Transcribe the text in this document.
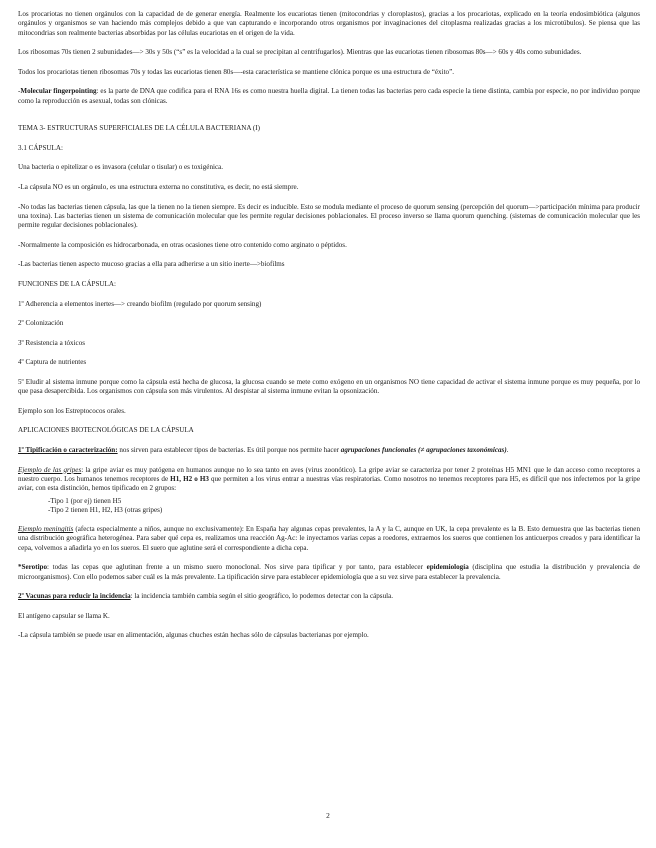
Los procariotas no tienen orgánulos con la capacidad de de generar energía. Realmente los eucariotas tienen (mitocondrias y cloroplastos), gracias a los procariotas, explicado en la teoría endosimbiótica (algunos orgánulos y organismos se van haciendo más complejos debido a que van capturando e incorporando otros organismos por invaginaciones del citoplasma realizadas gracias a los microtúbulos). Se piensa que las mitocondrias son realmente bacterias absorbidas por las células eucariotas en el origen de la vida.

Los ribosomas 70s tienen 2 subunidades—> 30s y 50s (“s” es la velocidad a la cual se precipitan al centrifugarlos). Mientras que las eucariotas tienen ribosomas 80s—> 60s y 40s como subunidades.

Todos los procariotas tienen ribosomas 70s y todas las eucariotas tienen 80s—-esta característica se mantiene clónica porque es una estructura de “éxito”.

-Molecular fingerpointing: es la parte de DNA que codifica para el RNA 16s es como nuestra huella digital. La tienen todas las bacterias pero cada especie la tiene distinta, cambia por especie, no por individuo porque como la reproducción es asexual, todas son clónicas.

TEMA 3- ESTRUCTURAS SUPERFICIALES DE LA CÉLULA BACTERIANA (I)

3.1 CÁPSULA:

Una bacteria o epitelizar o es invasora (celular o tisular) o es toxigénica.

-La cápsula NO es un orgánulo, es una estructura externa no constitutiva, es decir, no está siempre.

-No todas las bacterias tienen cápsula, las que la tienen no la tienen siempre. Es decir es inducible. Esto se modula mediante el proceso de quorum sensing (percepción del quorum—>participación mínima para producir una toxina). Las bacterias tienen un sistema de comunicación molecular que les permite regular decisiones poblacionales. El proceso inverso se llama quorum quenching. (sistemas de comunicación molecular que les permite regular decisiones poblacionales).

-Normalmente la composición es hidrocarbonada, en otras ocasiones tiene otro contenido como arginato o péptidos.

-Las bacterias tienen aspecto mucoso gracias a ella para adherirse a un sitio inerte—>biofilms

FUNCIONES DE LA CÁPSULA:

1º Adherencia a elementos inertes—> creando biofilm (regulado por quorum sensing)

2º Colonización

3º Resistencia a tóxicos

4º Captura de nutrientes

5º Eludir al sistema inmune porque como la cápsula está hecha de glucosa, la glucosa cuando se mete como exógeno en un organismos NO tiene capacidad de activar el sistema inmune porque es muy pequeña, por lo que pasa desapercibida. Los organismos con cápsula son más virulentos. Al despistar al sistema inmune evitan la opsonización.

Ejemplo son los Estreptococos orales.

APLICACIONES BIOTECNOLÓGICAS DE LA CÁPSULA

1º Tipificación o caracterización: nos sirven para establecer tipos de bacterias. Es útil porque nos permite hacer agrupaciones funcionales (≠ agrupaciones taxonómicas).

Ejemplo de las gripes: la gripe aviar es muy patógena en humanos aunque no lo sea tanto en aves (virus zoonótico). La gripe aviar se caracteriza por tener 2 proteínas H5 MN1 que le dan acceso como receptores a nuestro cuerpo. Los humanos tenemos receptores de H1, H2 o H3 que permiten a los virus entrar a nuestras vías respiratorias. Como nosotros no tenemos receptores para H5, es difícil que nos infectemos por la gripe aviar, con esta distinción, hemos tipificado en 2 grupos:

- Tipo 1 (por ej) tienen H5
- Tipo 2 tienen H1, H2, H3 (otras gripes)

Ejemplo meningitis (afecta especialmente a niños, aunque no exclusivamente): En España hay algunas cepas prevalentes, la A y la C, aunque en UK, la cepa prevalente es la B. Esto demuestra que las bacterias tienen una distribución geográfica heterogénea. Para saber qué cepa es, realizamos una reacción Ag-Ac: le inyectamos varias cepas a roedores, extraemos los sueros que contienen los anticuerpos creados y para identificar la cepa, volvemos a añadirla yo en los sueros. El suero que aglutine será el correspondiente a dicha cepa.

*Serotipo: todas las cepas que aglutinan frente a un mismo suero monoclonal. Nos sirve para tipificar y por tanto, para establecer epidemiología (disciplina que estudia la distribución y prevalencia de microorganismos). Con ello podemos saber cuál es la más prevalente. La tipificación sirve para establecer epidemiología que a su vez sirve para establecer la prevalencia.

2º Vacunas para reducir la incidencia: la incidencia también cambia según el sitio geográfico, lo podemos detectar con la cápsula.

El antígeno capsular se llama K.

-La cápsula también se puede usar en alimentación, algunas chuches están hechas sólo de cápsulas bacterianas por ejemplo.

2
